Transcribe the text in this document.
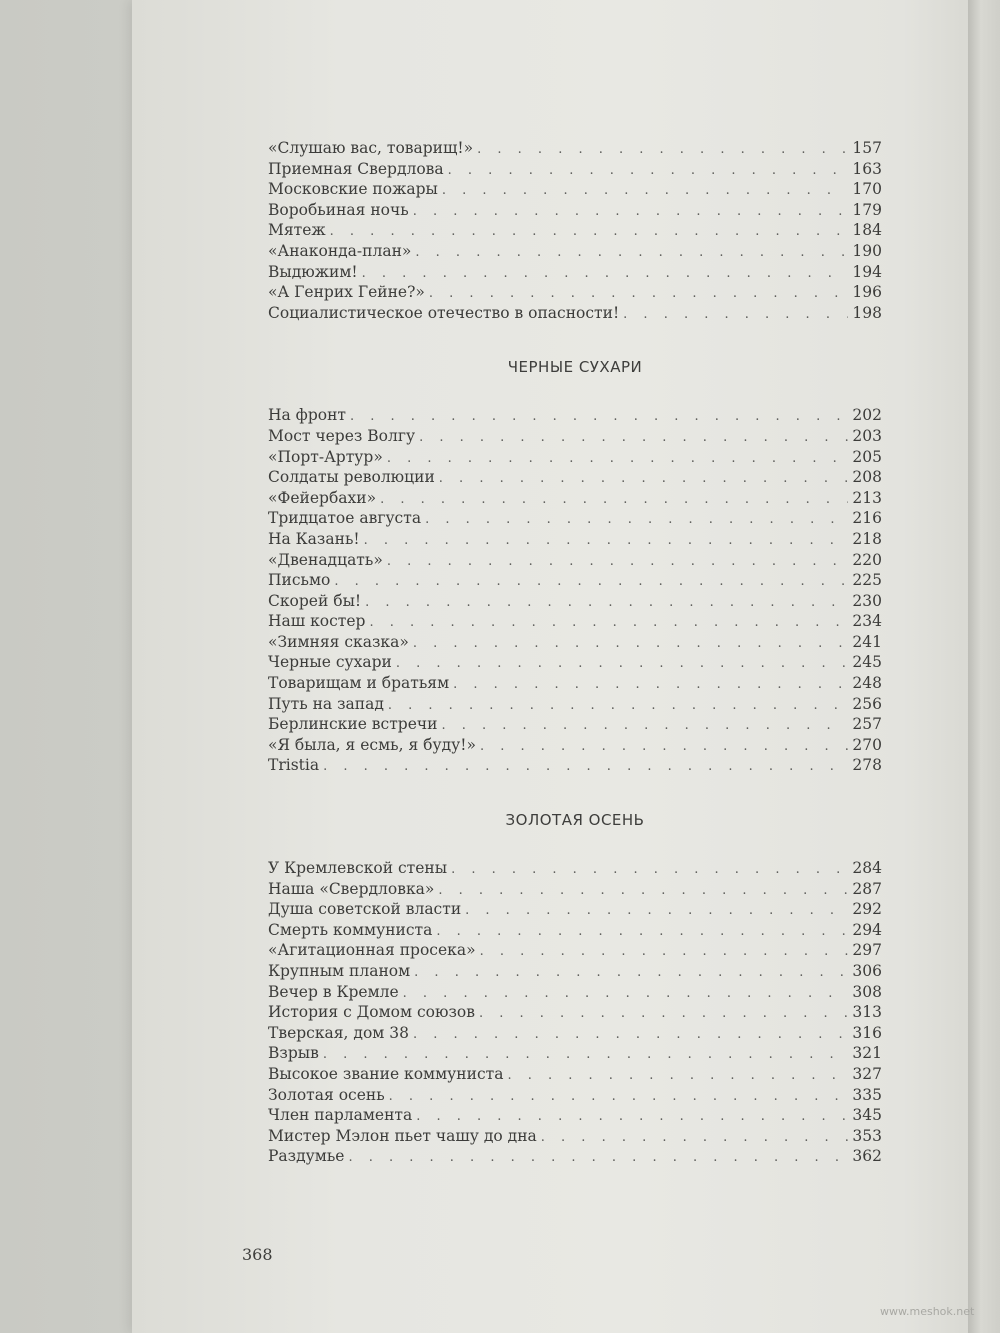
«Слушаю вас, товарищ!» . . .	157
Приемная Свердлова . . .	163
Московские пожары . . .	170
Воробьиная ночь . . .	179
Мятеж . . .	184
«Анаконда-план» . . .	190
Выдюжим! . . .	194
«А Генрих Гейне?» . . .	196
Социалистическое отечество в опасности! . . .	198
ЧЕРНЫЕ СУХАРИ
На фронт . . .	202
Мост через Волгу . . .	203
«Порт-Артур» . . .	205
Солдаты революции . . .	208
«Фейербахи» . . .	213
Тридцатое августа . . .	216
На Казань! . . .	218
«Двенадцать» . . .	220
Письмо . . .	225
Скорей бы! . . .	230
Наш костер . . .	234
«Зимняя сказка» . . .	241
Черные сухари . . .	245
Товарищам и братьям . . .	248
Путь на запад . . .	256
Берлинские встречи . . .	257
«Я была, я есмь, я буду!» . . .	270
Tristia . . .	278
ЗОЛОТАЯ ОСЕНЬ
У Кремлевской стены . . .	284
Наша «Свердловка» . . .	287
Душа советской власти . . .	292
Смерть коммуниста . . .	294
«Агитационная просека» . . .	297
Крупным планом . . .	306
Вечер в Кремле . . .	308
История с Домом союзов . . .	313
Тверская, дом 38 . . .	316
Взрыв . . .	321
Высокое звание коммуниста . . .	327
Золотая осень . . .	335
Член парламента . . .	345
Мистер Мэлон пьет чашу до дна . . .	353
Раздумье . . .	362
368
www.meshok.net
